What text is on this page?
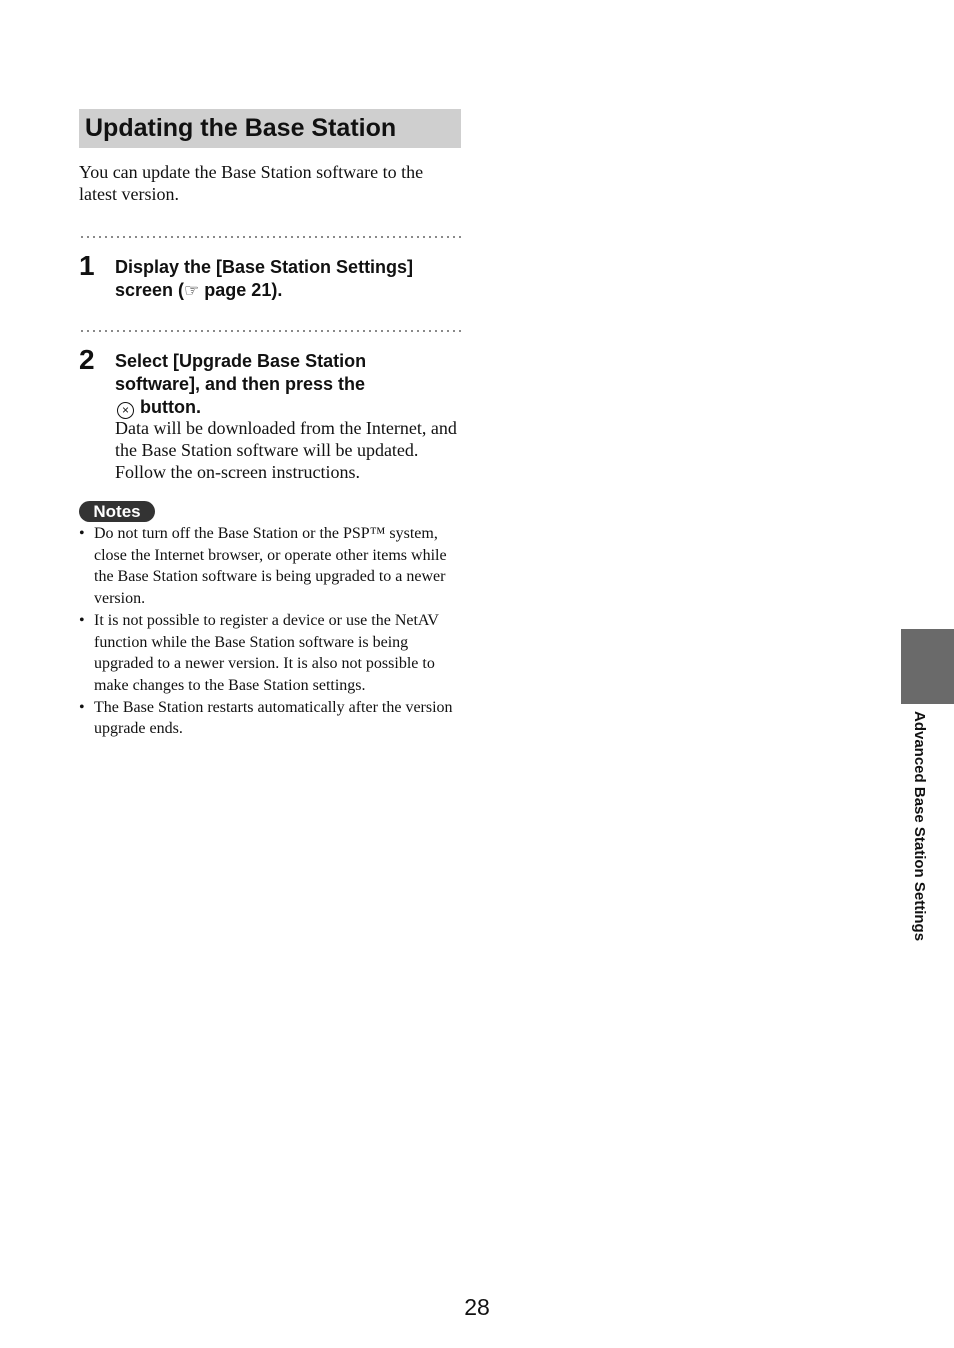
Updating the Base Station
You can update the Base Station software to the latest version.
1 Display the [Base Station Settings]
screen (☞ page 21).
2 Select [Upgrade Base Station
software], and then press the
× button.
Data will be downloaded from the Internet, and the Base Station software will be updated. Follow the on-screen instructions.
Notes
• Do not turn off the Base Station or the PSP™ system, close the Internet browser, or operate other items while the Base Station software is being upgraded to a newer version.
• It is not possible to register a device or use the NetAV function while the Base Station software is being upgraded to a newer version. It is also not possible to make changes to the Base Station settings.
• The Base Station restarts automatically after the version upgrade ends.	Advanced Base Station Settings
28
